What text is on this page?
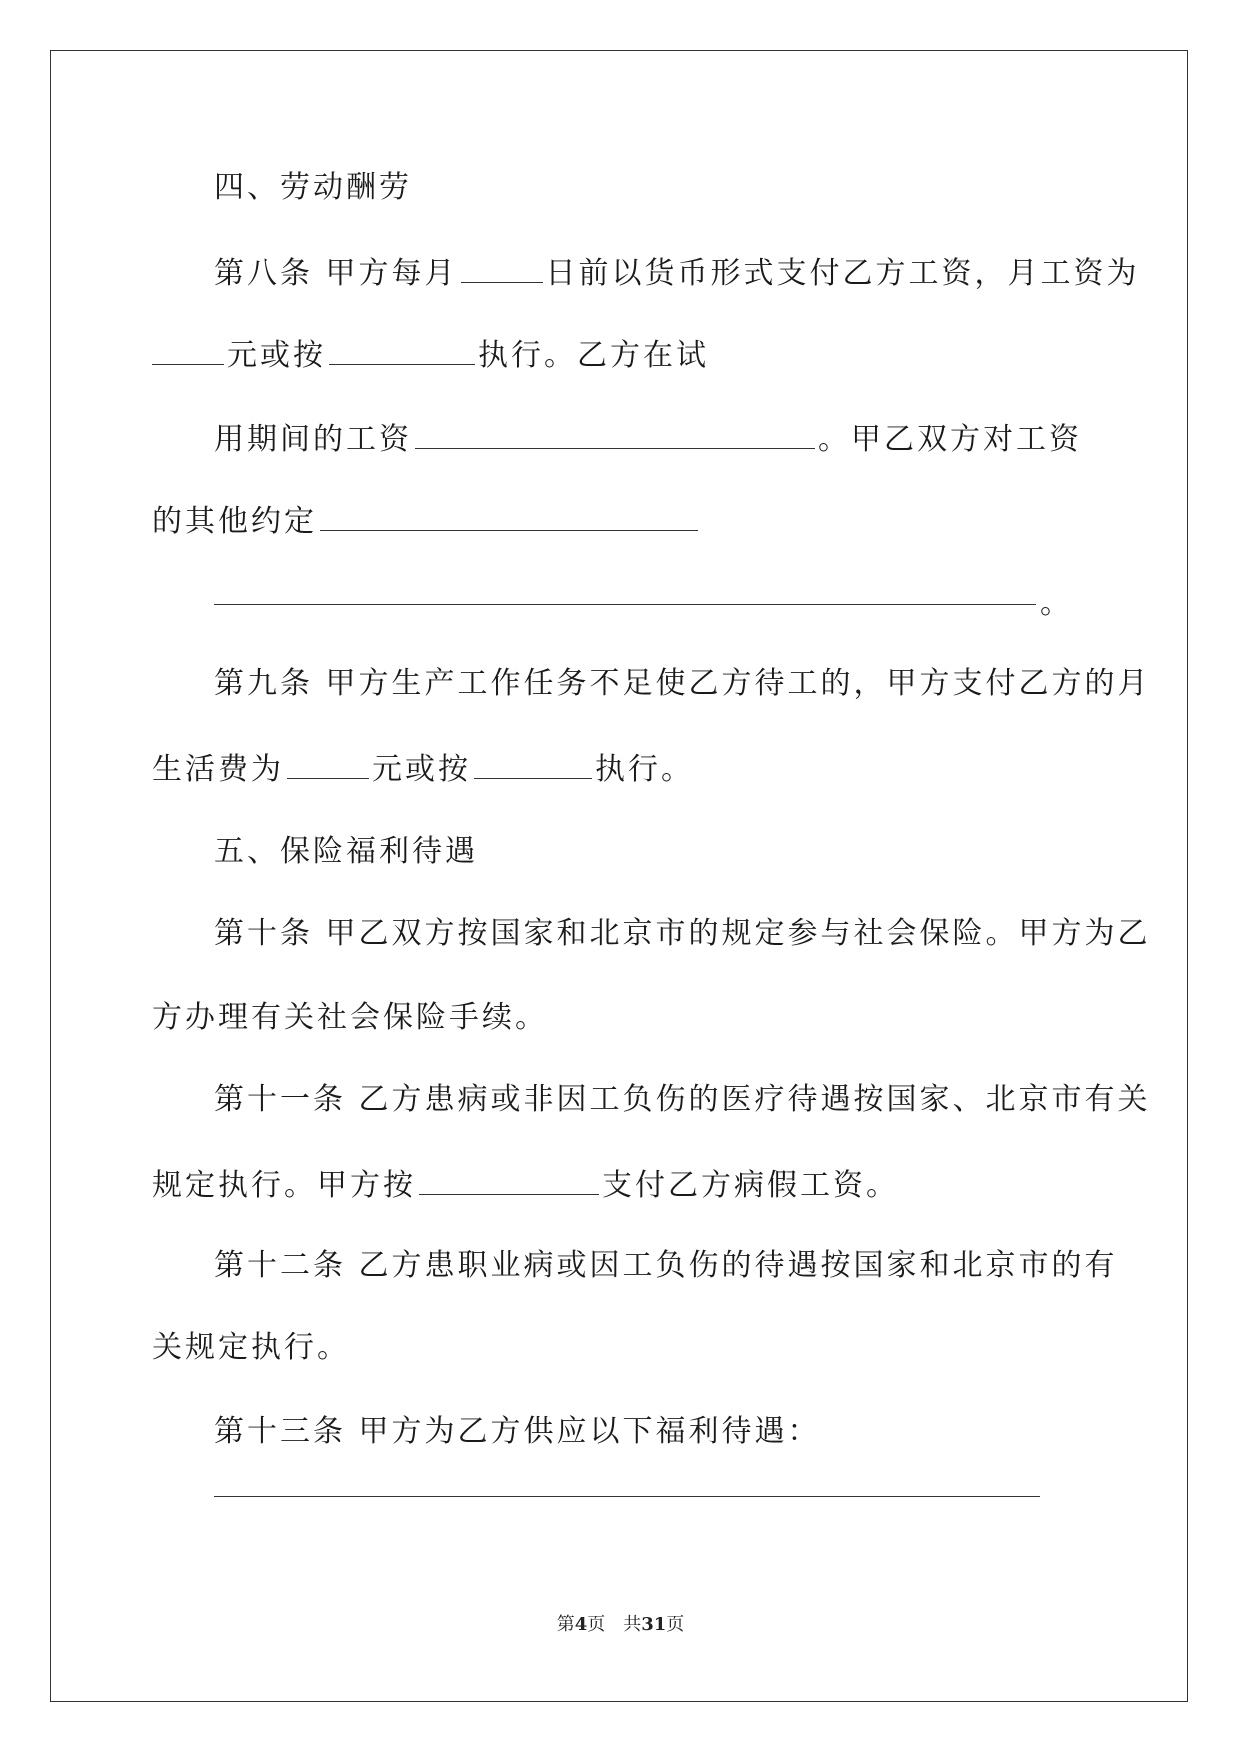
四、劳动酬劳
第八条 甲方每月	日前以货币形式支付乙方工资，月工资为
元或按	执行。乙方在试
用期间的工资	。甲乙双方对工资
的其他约定
。
第九条 甲方生产工作任务不足使乙方待工的，甲方支付乙方的月
生活费为	元或按	执行。
五、保险福利待遇
第十条 甲乙双方按国家和北京市的规定参与社会保险。甲方为乙
方办理有关社会保险手续。
第十一条 乙方患病或非因工负伤的医疗待遇按国家、北京市有关
规定执行。甲方按	支付乙方病假工资。
第十二条 乙方患职业病或因工负伤的待遇按国家和北京市的有
关规定执行。
第十三条 甲方为乙方供应以下福利待遇：
第4页　共31页
